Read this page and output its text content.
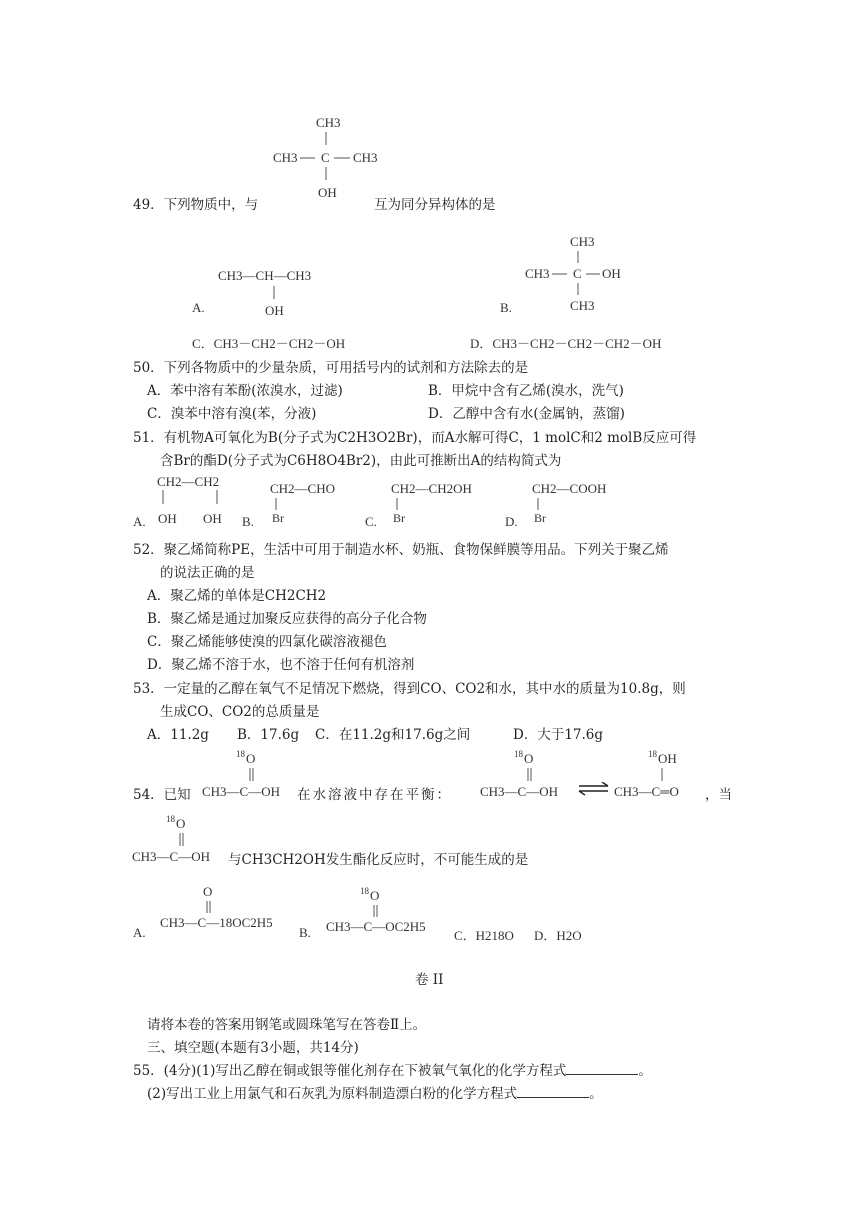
CH3
CH3 C CH3
OH
49．下列物质中，与	互为同分异构体的是
A.
CH3—CH—CH3
OH	B.
CH3
CH3 C OH
CH3
C．CH3－CH2－CH2－OH	D．CH3－CH2－CH2－CH2－OH
50．下列各物质中的少量杂质，可用括号内的试剂和方法除去的是
A．苯中溶有苯酚(浓溴水，过滤)	B．甲烷中含有乙烯(溴水，洗气)
C．溴苯中溶有溴(苯，分液)	D．乙醇中含有水(金属钠，蒸馏)
51．有机物A可氧化为B(分子式为C2H3O2Br)，而A水解可得C，1 molC和2 molB反应可得
含Br的酯D(分子式为C6H8O4Br2)，由此可推断出A的结构简式为
A.
CH2—CH2
OH OH B.
CH2—CHO
Br	C.
CH2—CH2OH
Br	D.
CH2—COOH
Br
52．聚乙烯简称PE，生活中可用于制造水杯、奶瓶、食物保鲜膜等用品。下列关于聚乙烯
的说法正确的是
A．聚乙烯的单体是CH2CH2
B．聚乙烯是通过加聚反应获得的高分子化合物
C．聚乙烯能够使溴的四氯化碳溶液褪色
D．聚乙烯不溶于水，也不溶于任何有机溶剂
53．一定量的乙醇在氧气不足情况下燃烧，得到CO、CO2和水，其中水的质量为10.8g，则
生成CO、CO2的总质量是
A．11.2g B．17.6g C．在11.2g和17.6g之间	D．大于17.6g
54．已知
18 O
CH3—C—OH 在水溶液中存在平衡：
18 O
CH3—C—OH ⇌
18 OH
CH3—C═O ，当
18 O
CH3—C—OH 与CH3CH2OH发生酯化反应时，不可能生成的是
A.
O
CH3—C—18OC2H5
B.
18 O
CH3—C—OC2H5
C．H218O D．H2O
卷 II
请将本卷的答案用钢笔或圆珠笔写在答卷Ⅱ上。
三、填空题(本题有3小题，共14分)
55．(4分)(1)写出乙醇在铜或银等催化剂存在下被氧气氧化的化学方程式	。
(2)写出工业上用氯气和石灰乳为原料制造漂白粉的化学方程式	。
